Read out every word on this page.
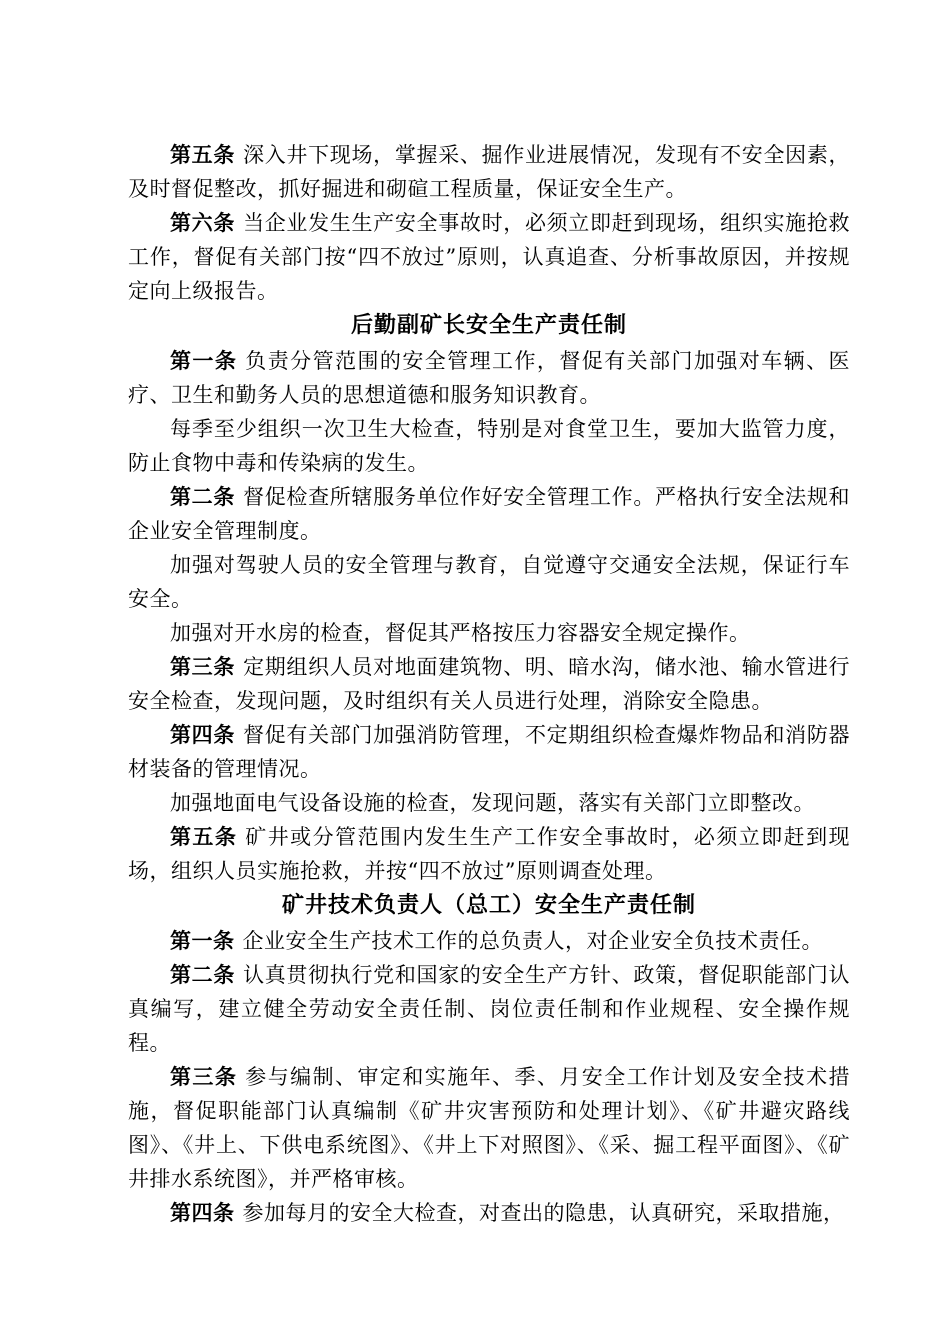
第五条 深入井下现场，掌握采、掘作业进展情况，发现有不安全因素，及时督促整改，抓好掘进和砌碹工程质量，保证安全生产。

第六条 当企业发生生产安全事故时，必须立即赶到现场，组织实施抢救工作，督促有关部门按“四不放过”原则，认真追查、分析事故原因，并按规定向上级报告。

后勤副矿长安全生产责任制

第一条 负责分管范围的安全管理工作，督促有关部门加强对车辆、医疗、卫生和勤务人员的思想道德和服务知识教育。

每季至少组织一次卫生大检查，特别是对食堂卫生，要加大监管力度，防止食物中毒和传染病的发生。

第二条 督促检查所辖服务单位作好安全管理工作。严格执行安全法规和企业安全管理制度。

加强对驾驶人员的安全管理与教育，自觉遵守交通安全法规，保证行车安全。

加强对开水房的检查，督促其严格按压力容器安全规定操作。

第三条 定期组织人员对地面建筑物、明、暗水沟，储水池、输水管进行安全检查，发现问题，及时组织有关人员进行处理，消除安全隐患。

第四条 督促有关部门加强消防管理，不定期组织检查爆炸物品和消防器材装备的管理情况。

加强地面电气设备设施的检查，发现问题，落实有关部门立即整改。

第五条 矿井或分管范围内发生生产工作安全事故时，必须立即赶到现场，组织人员实施抢救，并按“四不放过”原则调查处理。

矿井技术负责人（总工）安全生产责任制

第一条 企业安全生产技术工作的总负责人，对企业安全负技术责任。

第二条 认真贯彻执行党和国家的安全生产方针、政策，督促职能部门认真编写，建立健全劳动安全责任制、岗位责任制和作业规程、安全操作规程。

第三条 参与编制、审定和实施年、季、月安全工作计划及安全技术措施，督促职能部门认真编制《矿井灾害预防和处理计划》、《矿井避灾路线图》、《井上、下供电系统图》、《井上下对照图》、《采、掘工程平面图》、《矿井排水系统图》，并严格审核。

第四条 参加每月的安全大检查，对查出的隐患，认真研究，采取措施，
